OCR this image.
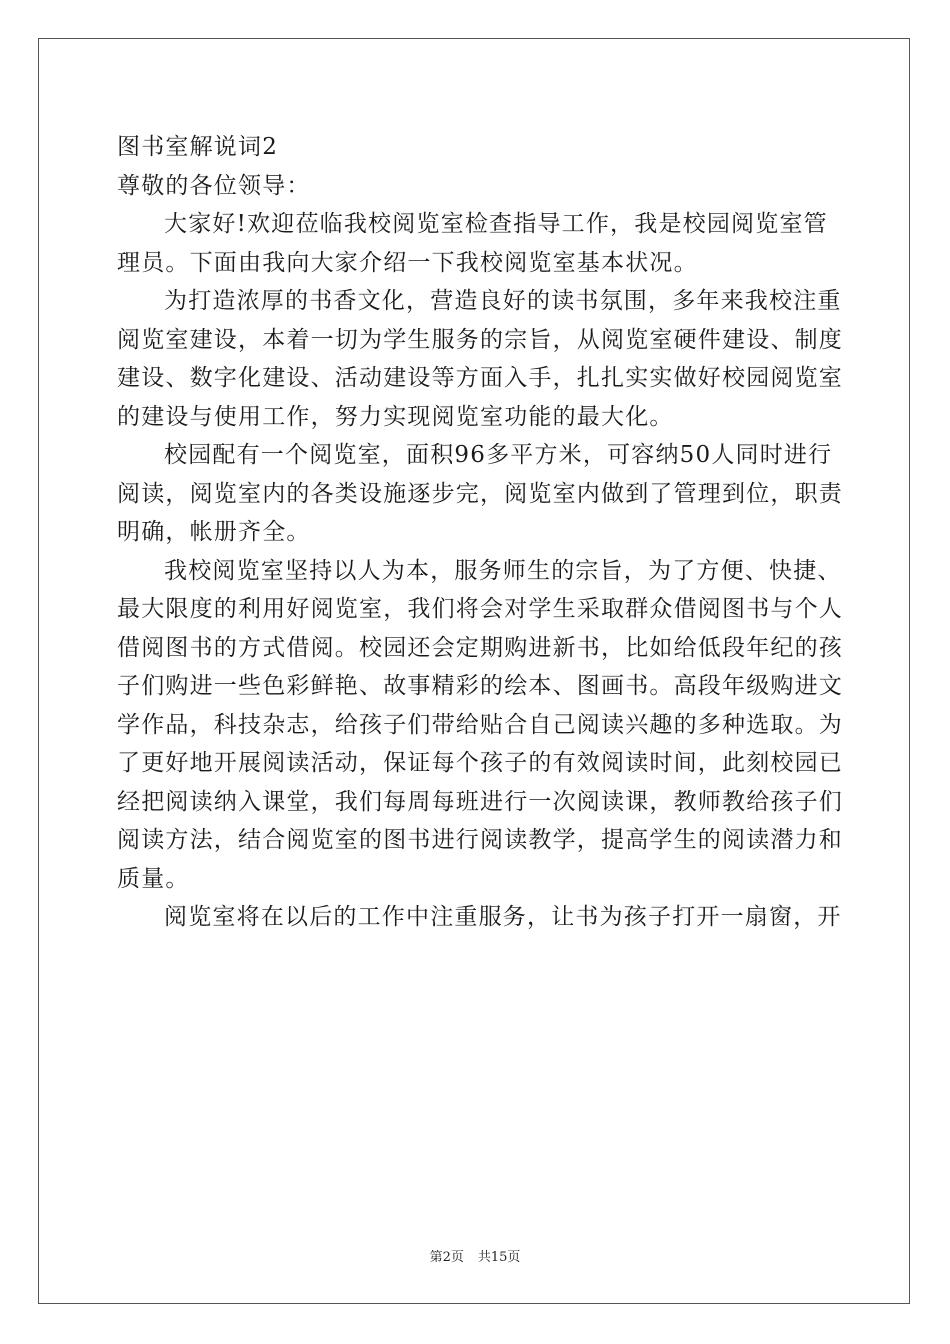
图书室解说词2
尊敬的各位领导：
大家好!欢迎莅临我校阅览室检查指导工作，我是校园阅览室管
理员。下面由我向大家介绍一下我校阅览室基本状况。
为打造浓厚的书香文化，营造良好的读书氛围，多年来我校注重
阅览室建设，本着一切为学生服务的宗旨，从阅览室硬件建设、制度
建设、数字化建设、活动建设等方面入手，扎扎实实做好校园阅览室
的建设与使用工作，努力实现阅览室功能的最大化。
校园配有一个阅览室，面积96多平方米，可容纳50人同时进行
阅读，阅览室内的各类设施逐步完，阅览室内做到了管理到位，职责
明确，帐册齐全。
我校阅览室坚持以人为本，服务师生的宗旨，为了方便、快捷、
最大限度的利用好阅览室，我们将会对学生采取群众借阅图书与个人
借阅图书的方式借阅。校园还会定期购进新书，比如给低段年纪的孩
子们购进一些色彩鲜艳、故事精彩的绘本、图画书。高段年级购进文
学作品，科技杂志，给孩子们带给贴合自己阅读兴趣的多种选取。为
了更好地开展阅读活动，保证每个孩子的有效阅读时间，此刻校园已
经把阅读纳入课堂，我们每周每班进行一次阅读课，教师教给孩子们
阅读方法，结合阅览室的图书进行阅读教学，提高学生的阅读潜力和
质量。
阅览室将在以后的工作中注重服务，让书为孩子打开一扇窗，开
第2页 共15页
